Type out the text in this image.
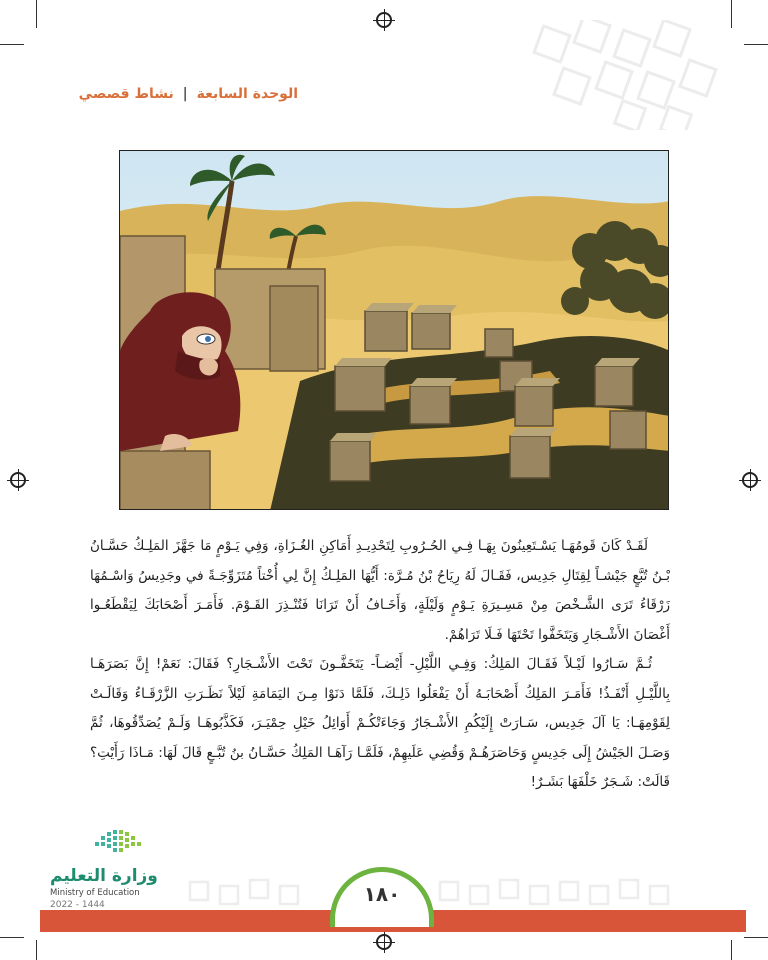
الوحدة السابعة | نشاط قصصي

لَقَـدْ كَانَ قَومُهَـا يَسْـتَعِينُونَ بِهَـا فِـي الحُـرُوبِ لِتَحْدِيـدِ أَمَاكِنِ الغُـزَاةِ، وَفِي يَـوْمٍ مَا جَهَّزَ المَلِـكُ حَسَّـانُ بْـنُ تُبَّعٍ جَيْشـاً لِقِتَالِ جَدِيس، فَقَـالَ لَهُ رِيَاحُ بْنُ مُـرَّة: أَيُّهَا المَلِـكُ إِنَّ لِي أُخْتاً مُتَزَوِّجَـةً في وجَدِيسُ وَاسْـمُهَا زَرْقَاءُ تَرَى الشَّـخْصَ مِنْ مَسِـيرَةِ يَـوْمٍ وَلَيْلَةٍ، وَأَخَـافُ أَنْ تَرَانَا فَتُنْـذِرَ القَـوْمَ. فَأَمَـرَ أَصْحَابَكَ لِيَقْطَعُـوا أَغْصَانَ الأَشْـجَارِ وَيَتَخَفَّوا تَحْتَهَا فَـلَا تَرَاهُمْ.

ثُـمَّ سَـارُوا لَيْـلاً فَقَـالَ المَلِكُ: وَفِـي اللَّيْلِ- أَيْضـاً- يَتَخَفَّـونَ تَحْتَ الأَشْـجَارِ؟ فَقَالَ: نَعَمْ! إِنَّ بَصَرَهَـا بِاللَّيْـلِ أَنْفَـذُ! فَأَمَـرَ المَلِكُ أَصْحَابَـهُ أَنْ يَفْعَلُوا ذَلِـكَ، فَلَمَّا دَنَوْا مِـنَ اليَمَامَةِ لَيْلاً نَظَـرَتِ الزَّرْقَـاءُ وَقَالَـتْ لِقَوْمِهَـا: يَا آلَ جَدِيس، سَـارَتْ إِلَيْكُمِ الأَشْـجَارُ وَجَاءَتْكُـمْ أَوَائِلُ خَيْلِ حِمْيَـرَ، فَكَذَّبُوهَـا وَلَـمْ يُصَدِّقُوهَا، ثُمَّ وَصَـلَ الجَيْشُ إِلَى جَدِيسٍ وَحَاصَرَهُـمْ وَقُضِي عَلَيهِمْ، فَلَمَّـا رَآهَـا المَلِكُ حَسَّـانُ بنُ تُبَّـعٍ قَالَ لَهَا: مَـاذَا رَأَيْتِ؟ قَالَتْ: شَـجَرٌ خَلْفَهَا بَشَـرٌ!

وزارة التعليم
Ministry of Education
2022 - 1444	١٨٠
